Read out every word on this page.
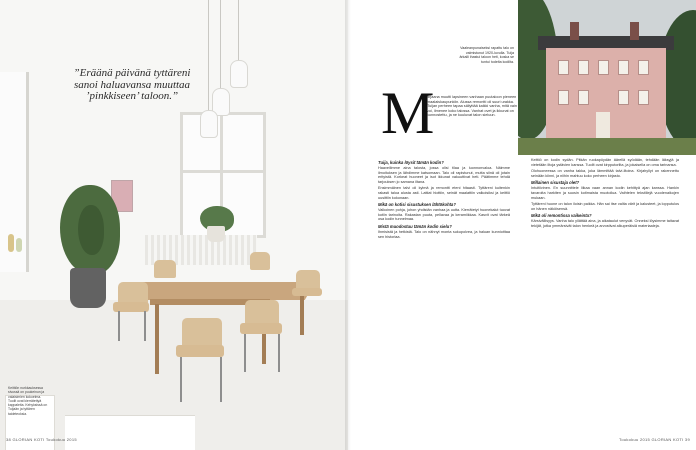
”Eräänä päivänä tyttäreni sanoi haluavansa muuttaa ’pinkkiseen’ taloon.”

Keittiön nurkkauksessa sivussä on puukeinun ja valaisimien kokoelma. Tuolit ovat kierrätettyä kappaleita. Kehyksissä on Tuijaän ja tyttären taideteoksia.

38 GLORIAN KOTI Toukokuu 2015

Vaaleanpunaiseksi rapattu talo on valmistunut 1920-luvulla. Tuija ärkalli ihastui taloon heti, koska se tuntui todelta kodilta.

M

arjaana muutti lapsineen vanhaan puutaloon pieneen maalaiskaupunkiin. Alussa remontti oli suuri urakka. Tuijan perheen tapaa säilyttää kaikki vanha, mitä vain voi, ilmenee koko talossa. Vanhat ovet ja ikkunat on kunnostettu, ja ne kuuluvat talon sieluun.

Tuija, kuinka löysit tämän kodin?

Haaveilimme aina talosta, jossa olisi tilaa ja luonnonvaloa. Näimme ilmoituksen ja lähdimme katsomaan. Talo oli rapistunut, mutta siinä oli jotain erityistä. Korkeat huoneet ja isot ikkunat vakuuttivat heti. Päätimme tehdä tarjouksen jo samana iltana.

Ensimmäinen talvi oli kylmä ja remontti eteni hitaasti. Tyttäreni kuitenkin rakasti taloa alusta asti. Lattiat hiottiin, seinät maalattiin valkoisiksi ja keittiö uusittiin kokonaan.

Mikä on kotisi sisustuksen lähtökohta?

Valkoinen pohja, johon yhdistän vanhaa ja uutta. Kierrätetyt huonekalut tuovat kotiin tarinoita. Rakastan puuta, pellavaa ja keramiikkaa. Kasvit ovat tärkeä osa kodin tunnelmaa.

Mistä muodostuu tämän kodin sielu?

Ihmisistä ja hetkistä. Talo on nähnyt monta sukupolvea, ja haluan kunnioittaa sen historiaa.

Keittiö on kodin sydän. Pitkän ruokapöydän äärellä syödään, tehdään läksyjä ja vietetään iltoja ystävien kanssa. Tuolit ovat kirpputorilta, ja jokaisella on oma tarinansa.

Olohuoneessa on vanha takka, joka lämmittää talvi-iltoina. Kirjahyllyt on rakennettu seinään kiinni, ja niihin mahtuu koko perheen kirjasto.

Millainen sisustaja olet?

Intuitiivinen. En suunnittele liikaa vaan annan kodin kehittyä ajan kanssa. Hankin tavaroita harkiten ja suosin kotimaista muotoilua. Vaihtelen tekstiilejä vuodenaikojen mukaan.

Tyttäreni huone on talon iloisin paikka. Hän sai itse valita värit ja kalusteet, ja lopputulos on hänen näköisensä.

Mikä oli remontissa vaikeinta?

Kärsivällisyys. Vanha talo yllättää aina, ja aikataulut venyvät. Onneksi löysimme taitavat tekijät, jotka ymmärsivät talon henkeä ja arvostivat alkuperäisiä materiaaleja.

Toukokuu 2015 GLORIAN KOTI 39
